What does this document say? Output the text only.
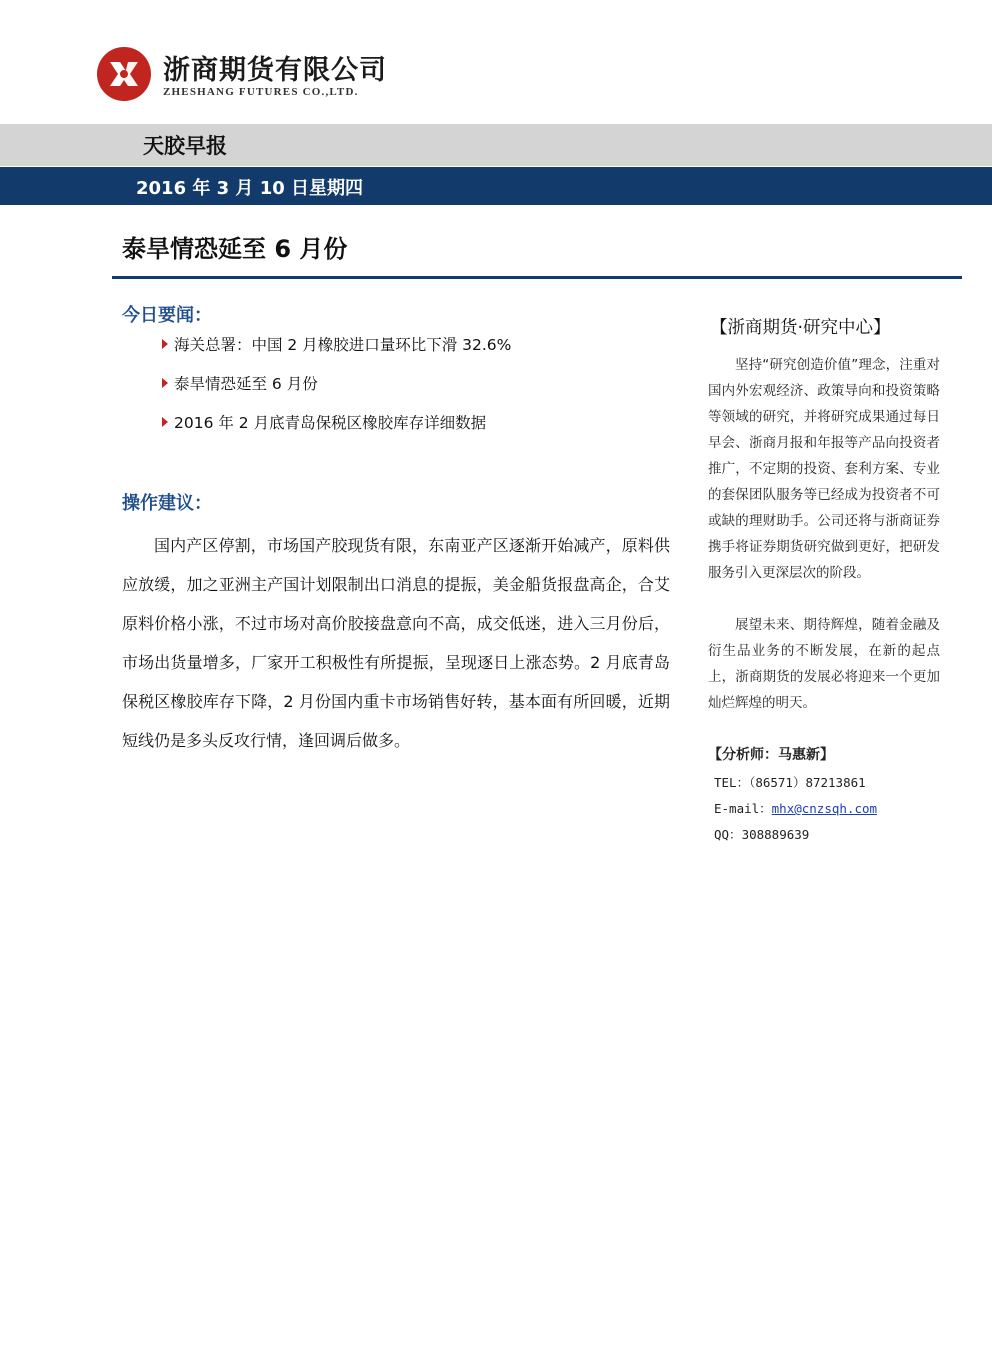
浙商期货有限公司
ZHESHANG FUTURES CO.,LTD.
天胶早报
2016 年 3 月 10 日星期四
泰旱情恐延至 6 月份
今日要闻：
海关总署：中国 2 月橡胶进口量环比下滑 32.6%
泰旱情恐延至 6 月份
2016 年 2 月底青岛保税区橡胶库存详细数据
操作建议：

国内产区停割，市场国产胶现货有限，东南亚产区逐渐开始减产，原料供应放缓，加之亚洲主产国计划限制出口消息的提振，美金船货报盘高企，合艾原料价格小涨，不过市场对高价胶接盘意向不高，成交低迷，进入三月份后，市场出货量增多，厂家开工积极性有所提振，呈现逐日上涨态势。2 月底青岛保税区橡胶库存下降，2 月份国内重卡市场销售好转，基本面有所回暖，近期短线仍是多头反攻行情，逢回调后做多。

【浙商期货·研究中心】

坚持“研究创造价值”理念，注重对国内外宏观经济、政策导向和投资策略等领域的研究，并将研究成果通过每日早会、浙商月报和年报等产品向投资者推广，不定期的投资、套利方案、专业的套保团队服务等已经成为投资者不可或缺的理财助手。公司还将与浙商证券携手将证券期货研究做到更好，把研发服务引入更深层次的阶段。

展望未来、期待辉煌，随着金融及衍生品业务的不断发展，在新的起点上，浙商期货的发展必将迎来一个更加灿烂辉煌的明天。

【分析师：马惠新】
TEL：（86571）87213861
E-mail：mhx@cnzsqh.com
QQ：308889639
